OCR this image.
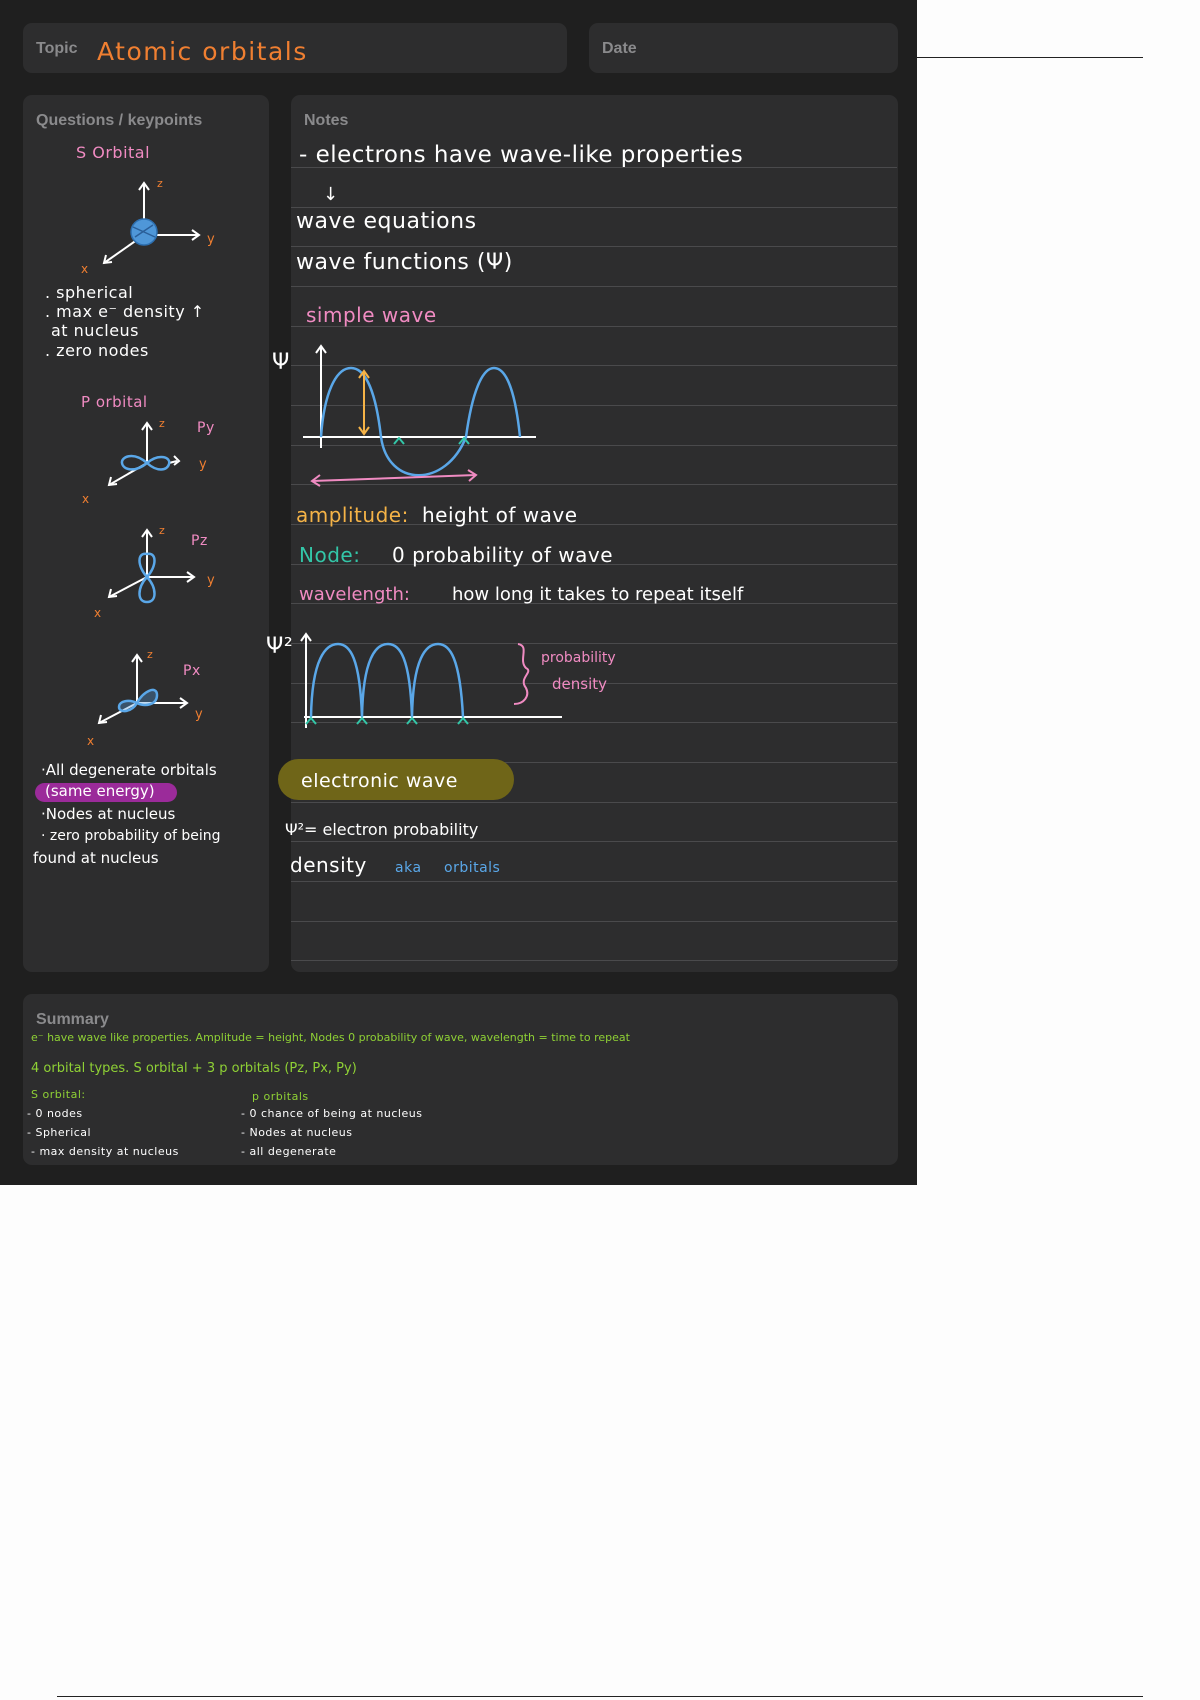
Topic Atomic orbitals	Date
Questions / keypoints
S Orbital
z
y
x
. spherical
. max e⁻ density ↑
at nucleus
. zero nodes
P orbital
z
y
x
Py
z
y
x
Pz
z
y
x
Px
·All degenerate orbitals
(same energy)
·Nodes at nucleus
· zero probability of being
found at nucleus
Notes
- electrons have wave-like properties
↓
wave equations
wave functions (Ψ)
simple wave
Ψ
amplitude: height of wave
Node: 0 probability of wave
wavelength: how long it takes to repeat itself
Ψ²	probability
density
electronic wave
Ψ²= electron probability
density aka orbitals
Summary
e⁻ have wave like properties. Amplitude = height, Nodes 0 probability of wave, wavelength = time to repeat
4 orbital types. S orbital + 3 p orbitals (Pz, Px, Py)
S orbital:
- 0 nodes
- Spherical
- max density at nucleus
p orbitals
- 0 chance of being at nucleus
- Nodes at nucleus
- all degenerate
